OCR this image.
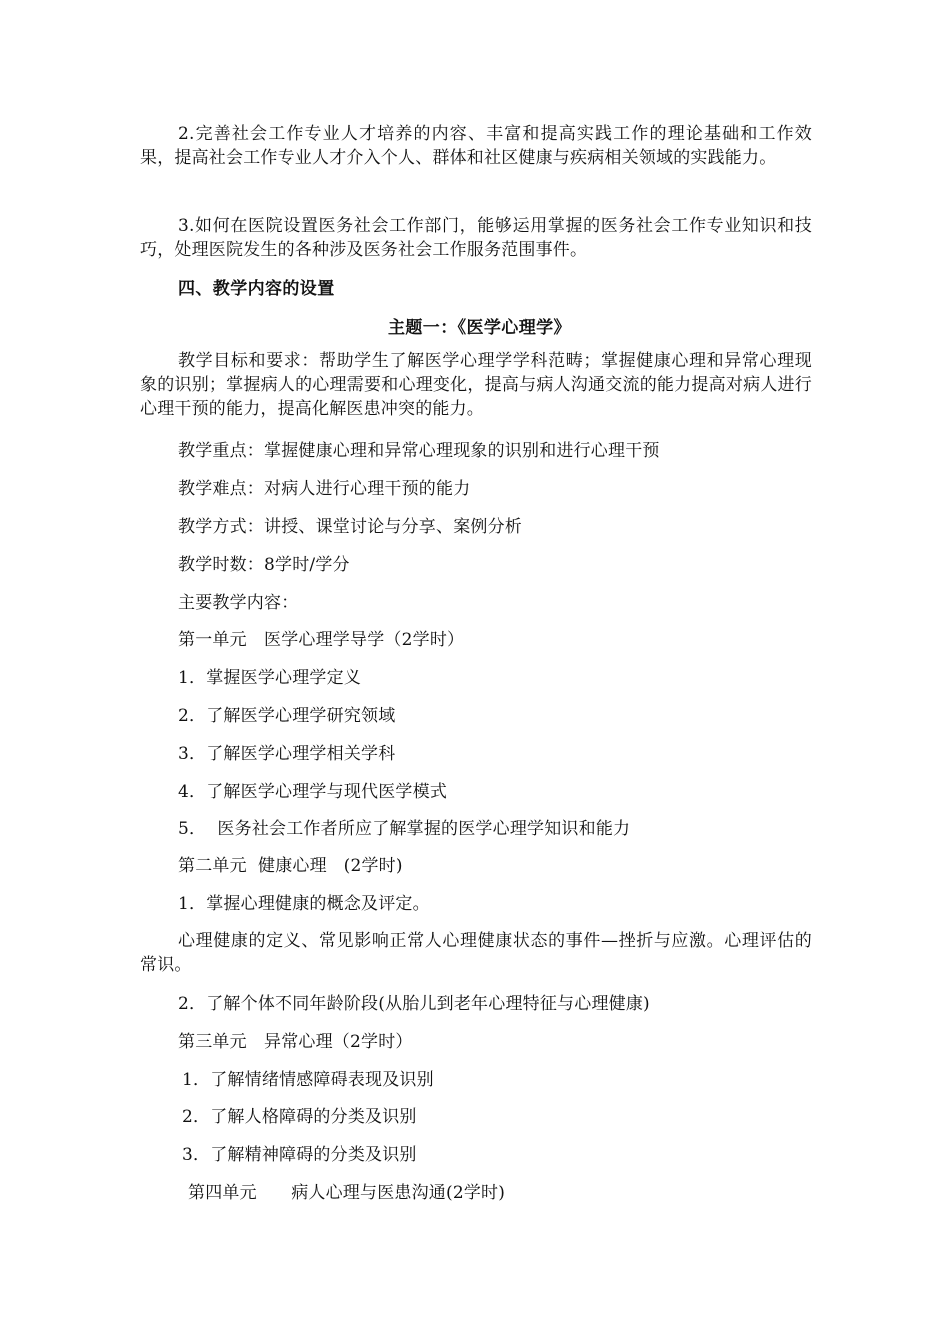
2.完善社会工作专业人才培养的内容、丰富和提高实践工作的理论基础和工作效果，提高社会工作专业人才介入个人、群体和社区健康与疾病相关领域的实践能力。
3.如何在医院设置医务社会工作部门，能够运用掌握的医务社会工作专业知识和技巧，处理医院发生的各种涉及医务社会工作服务范围事件。
四、教学内容的设置
主题一：《医学心理学》
教学目标和要求：帮助学生了解医学心理学学科范畴；掌握健康心理和异常心理现象的识别；掌握病人的心理需要和心理变化，提高与病人沟通交流的能力提高对病人进行心理干预的能力，提高化解医患冲突的能力。
教学重点：掌握健康心理和异常心理现象的识别和进行心理干预
教学难点：对病人进行心理干预的能力
教学方式：讲授、课堂讨论与分享、案例分析
教学时数：8学时/学分
主要教学内容：
第一单元　医学心理学导学（2学时）
1．掌握医学心理学定义
2．了解医学心理学研究领域
3．了解医学心理学相关学科
4．了解医学心理学与现代医学模式
5．  医务社会工作者所应了解掌握的医学心理学知识和能力
第二单元  健康心理   (2学时)
1．掌握心理健康的概念及评定。
心理健康的定义、常见影响正常人心理健康状态的事件—挫折与应激。心理评估的常识。
2．了解个体不同年龄阶段(从胎儿到老年心理特征与心理健康)
第三单元　异常心理（2学时）
1．了解情绪情感障碍表现及识别
2．了解人格障碍的分类及识别
3．了解精神障碍的分类及识别
第四单元　　病人心理与医患沟通(2学时)
